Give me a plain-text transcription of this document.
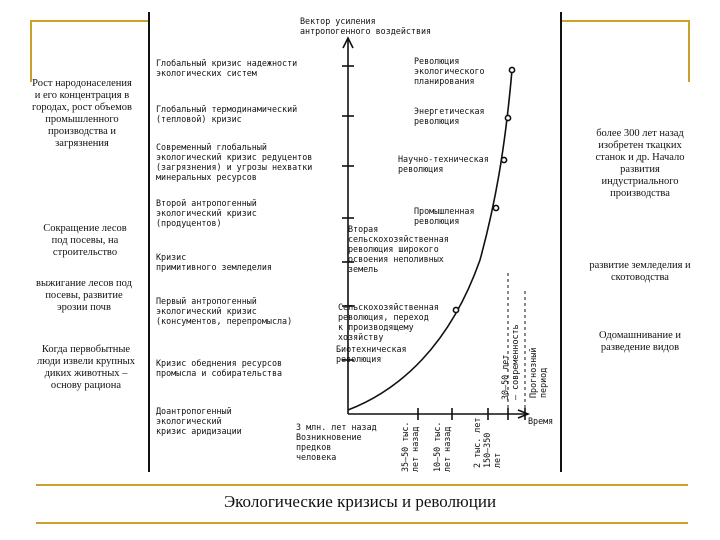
Вектор усиления
антропогенного воздействия
Время
Глобальный кризис надежности
экологических систем
Глобальный термодинамический
(тепловой) кризис
Современный глобальный
экологический кризис редуцентов
(загрязнения) и угрозы нехватки
минеральных ресурсов
Второй антропогенный
экологический кризис
(продуцентов)
Кризис
примитивного земледелия
Первый антропогенный
экологический кризис
(консументов, перепромысла)
Кризис обеднения ресурсов
промысла и собирательства
Доантропогенный
экологический
кризис аридизации
Революция
экологического
планирования
Энергетическая
революция
Научно-техническая
революция
Промышленная
революция
Вторая
сельскохозяйственная
революция широкого
освоения неполивных
земель
Сельскохозяйственная
революция, переход
к производящему
хозяйству
Биотехническая
революция
3 млн. лет назад
Возникновение
предков
человека	35—50 тыс.
лет назад
10—50 тыс.
лет назад
2 тыс. лет
150—350
лет
30—50 лет
— современность Прогнозный
период
Рост народонаселения
и его концентрация в
городах, рост объемов
промышленного
производства и
загрязнения
Сокращение лесов
под посевы, на
строительство
выжигание лесов под
посевы, развитие
эрозии почв
Когда первобытные
люди извели крупных
диких животных –
основу рациона
более 300 лет назад
изобретен ткацких
станок и др. Начало
развития
индустриального
производства
развитие земледелия и
скотоводства
Одомашнивание и
разведение видов
Экологические кризисы и революции
